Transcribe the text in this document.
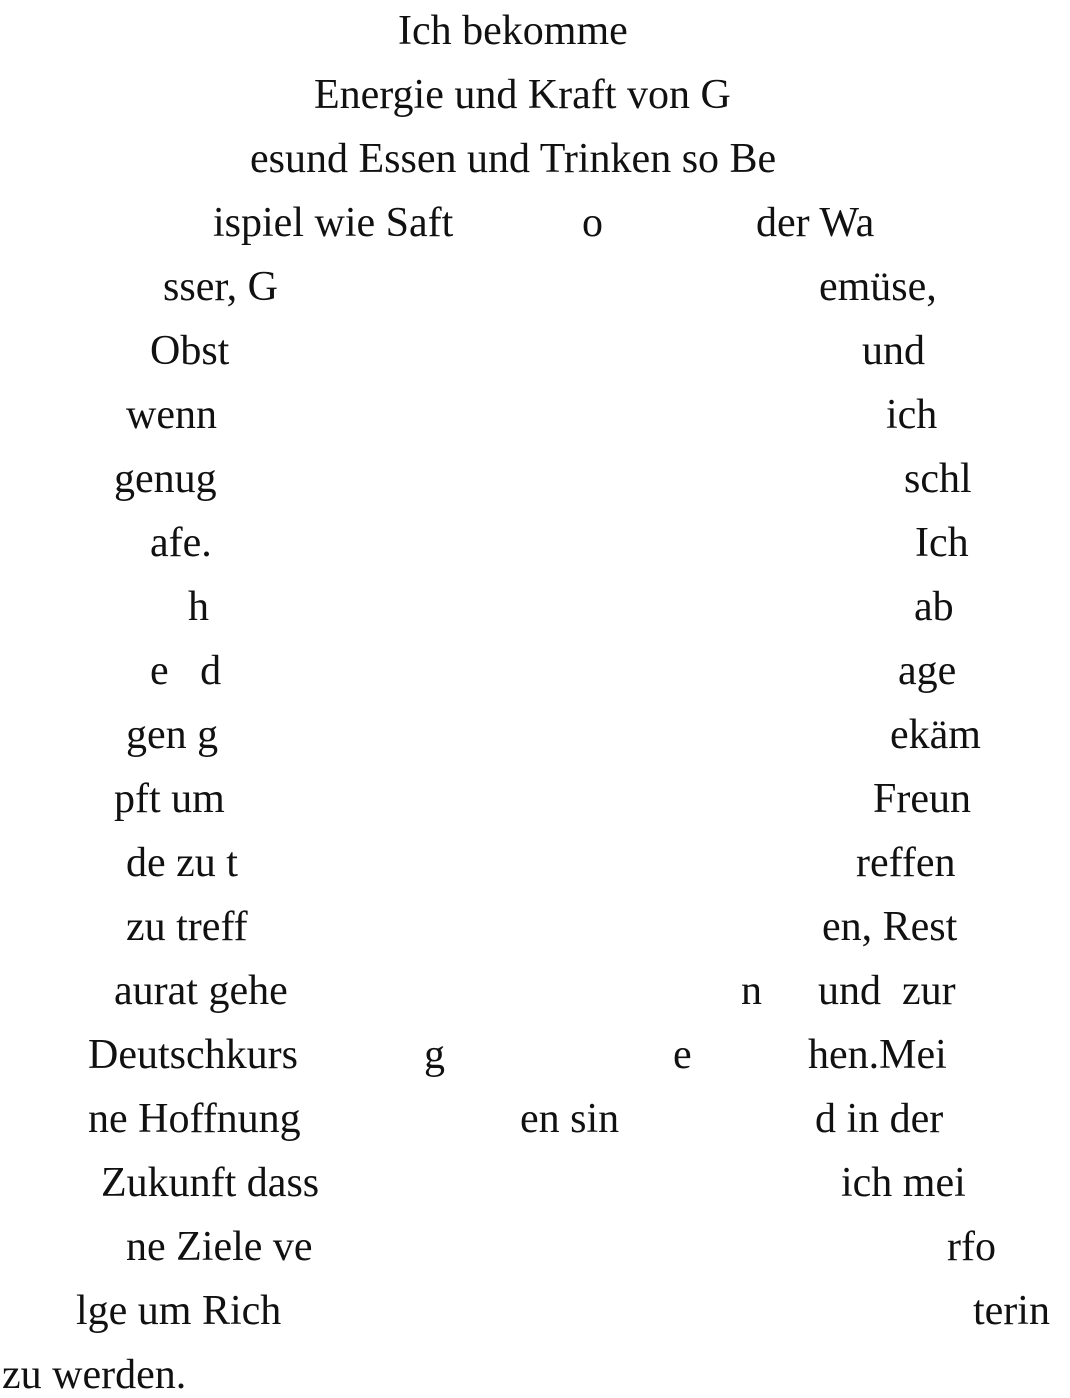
Ich bekomme
Energie und Kraft von G
esund Essen und Trinken so Be
ispiel wie Saft	o	der Wa
sser, G	emüse,
Obst	und
wenn	ich
genug	schl
afe.	Ich
h	ab
e   d	age
gen g	ekäm
pft um	Freun
de zu t	reffen
zu treff	en, Rest
aurat gehe	n und  zur
Deutschkurs	g	e	hen.Mei
ne Hoffnung	en sin	d in der
Zukunft dass	ich mei
ne Ziele ve	rfo
lge um Rich	terin
zu werden.
